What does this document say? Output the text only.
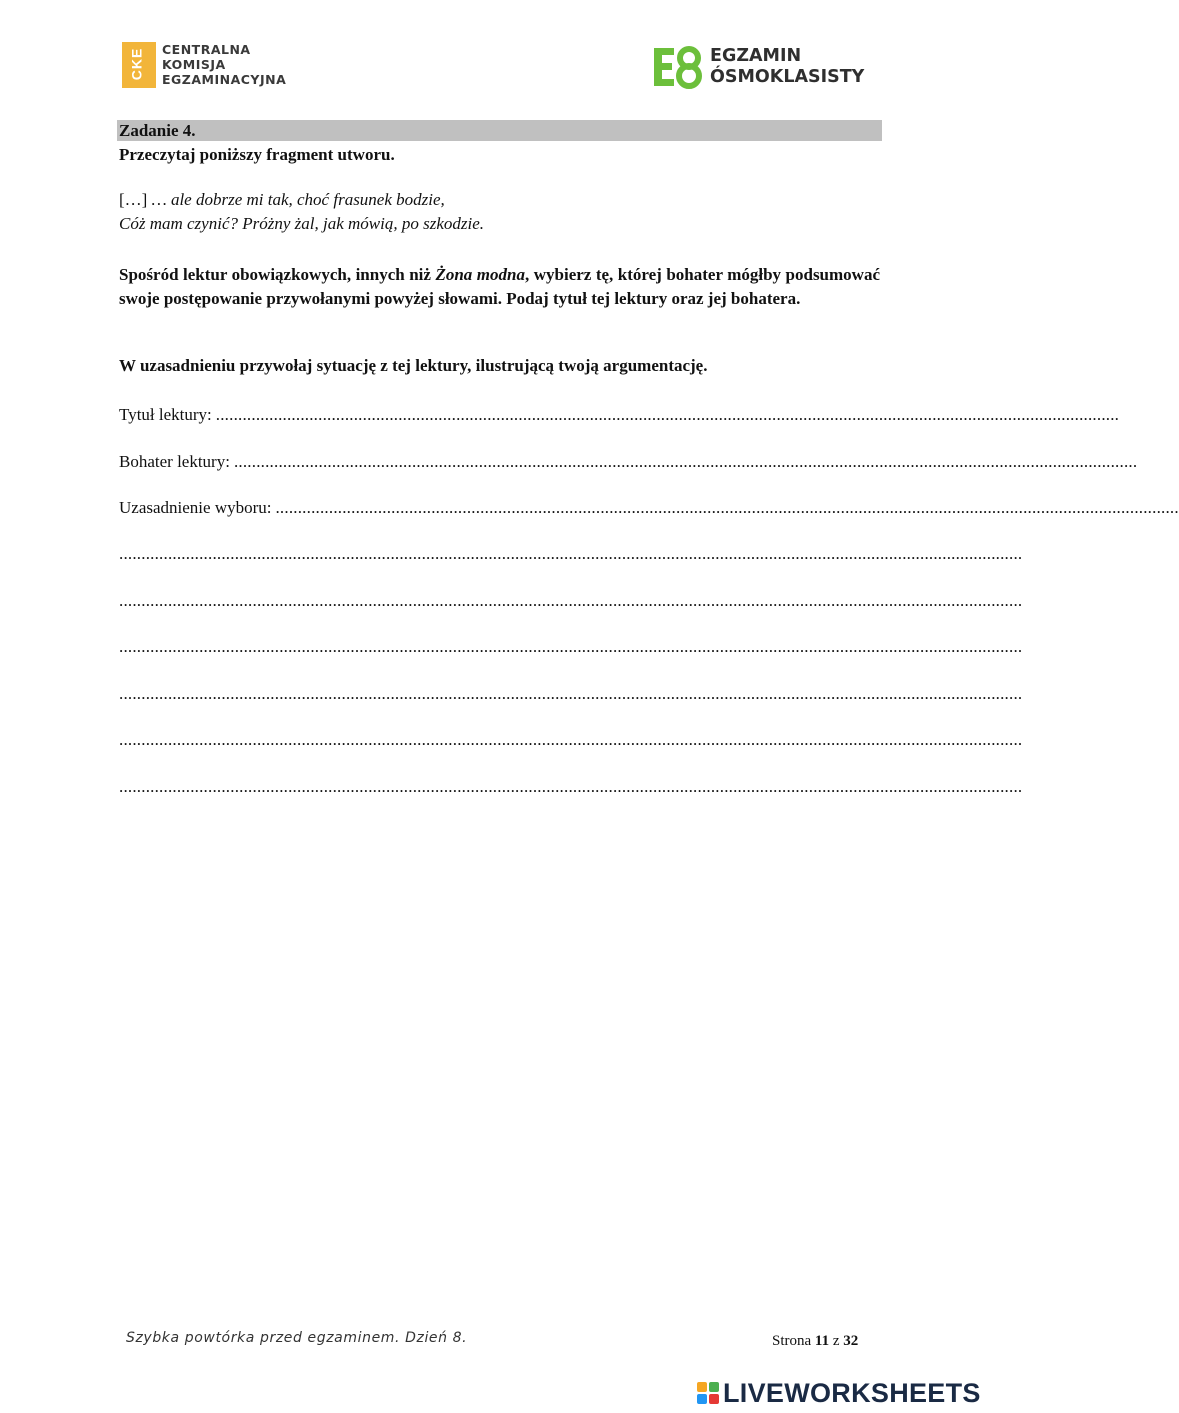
CKE CENTRALNA
KOMISJA
EGZAMINACYJNA
EGZAMIN
ÓSMOKLASISTY
Zadanie 4.
Przeczytaj poniższy fragment utworu.
[…] … ale dobrze mi tak, choć frasunek bodzie,
Cóż mam czynić? Próżny żal, jak mówią, po szkodzie.
Spośród lektur obowiązkowych, innych niż Żona modna, wybierz tę, której bohater mógłby podsumować swoje postępowanie przywołanymi powyżej słowami. Podaj tytuł tej lektury oraz jej bohatera.
W uzasadnieniu przywołaj sytuację z tej lektury, ilustrującą twoją argumentację.
Tytuł lektury: ...........................................................................................................................................................................................................
Bohater lektury: ...........................................................................................................................................................................................................
Uzasadnienie wyboru: ...........................................................................................................................................................................................................
...........................................................................................................................................................................................................
...........................................................................................................................................................................................................
...........................................................................................................................................................................................................
...........................................................................................................................................................................................................
...........................................................................................................................................................................................................
...........................................................................................................................................................................................................
Szybka powtórka przed egzaminem. Dzień 8.	Strona 11 z 32
LIVEWORKSHEETS
